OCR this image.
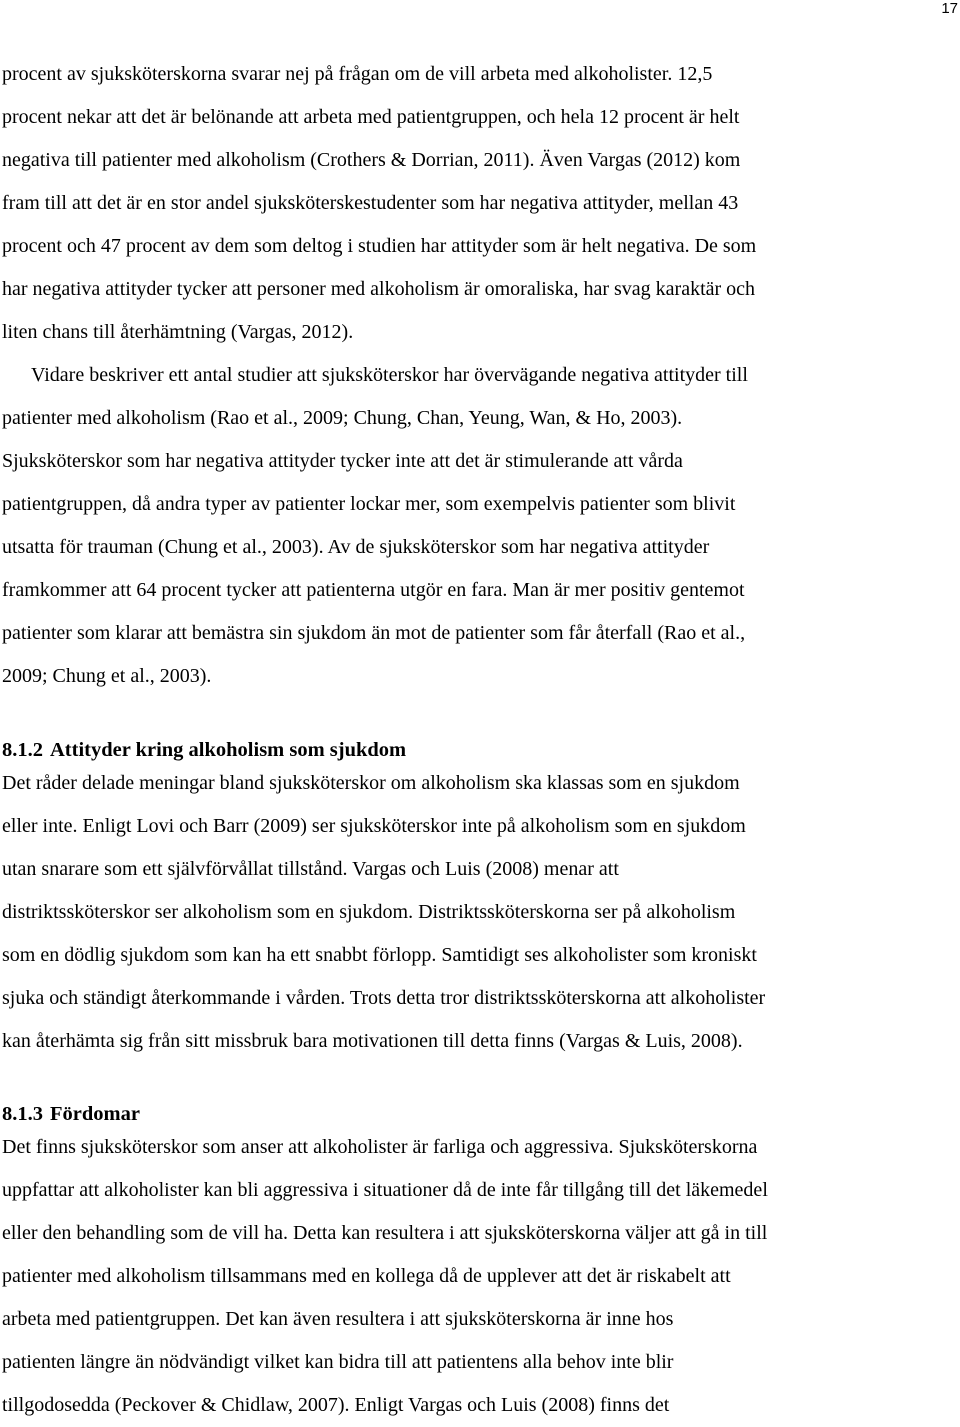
17

procent av sjuksköterskorna svarar nej på frågan om de vill arbeta med alkoholister. 12,5
procent nekar att det är belönande att arbeta med patientgruppen, och hela 12 procent är helt
negativa till patienter med alkoholism (Crothers & Dorrian, 2011). Även Vargas (2012) kom
fram till att det är en stor andel sjuksköterskestudenter som har negativa attityder, mellan 43
procent och 47 procent av dem som deltog i studien har attityder som är helt negativa. De som
har negativa attityder tycker att personer med alkoholism är omoraliska, har svag karaktär och
liten chans till återhämtning (Vargas, 2012).

Vidare beskriver ett antal studier att sjuksköterskor har övervägande negativa attityder till
patienter med alkoholism (Rao et al., 2009; Chung, Chan, Yeung, Wan, & Ho, 2003).
Sjuksköterskor som har negativa attityder tycker inte att det är stimulerande att vårda
patientgruppen, då andra typer av patienter lockar mer, som exempelvis patienter som blivit
utsatta för trauman (Chung et al., 2003). Av de sjuksköterskor som har negativa attityder
framkommer att 64 procent tycker att patienterna utgör en fara. Man är mer positiv gentemot
patienter som klarar att bemästra sin sjukdom än mot de patienter som får återfall (Rao et al.,
2009; Chung et al., 2003).

8.1.2 Attityder kring alkoholism som sjukdom

Det råder delade meningar bland sjuksköterskor om alkoholism ska klassas som en sjukdom
eller inte. Enligt Lovi och Barr (2009) ser sjuksköterskor inte på alkoholism som en sjukdom
utan snarare som ett självförvållat tillstånd. Vargas och Luis (2008) menar att
distriktssköterskor ser alkoholism som en sjukdom. Distriktssköterskorna ser på alkoholism
som en dödlig sjukdom som kan ha ett snabbt förlopp. Samtidigt ses alkoholister som kroniskt
sjuka och ständigt återkommande i vården. Trots detta tror distriktssköterskorna att alkoholister
kan återhämta sig från sitt missbruk bara motivationen till detta finns (Vargas & Luis, 2008).

8.1.3 Fördomar

Det finns sjuksköterskor som anser att alkoholister är farliga och aggressiva. Sjuksköterskorna
uppfattar att alkoholister kan bli aggressiva i situationer då de inte får tillgång till det läkemedel
eller den behandling som de vill ha. Detta kan resultera i att sjuksköterskorna väljer att gå in till
patienter med alkoholism tillsammans med en kollega då de upplever att det är riskabelt att
arbeta med patientgruppen. Det kan även resultera i att sjuksköterskorna är inne hos
patienten längre än nödvändigt vilket kan bidra till att patientens alla behov inte blir
tillgodosedda (Peckover & Chidlaw, 2007). Enligt Vargas och Luis (2008) finns det
